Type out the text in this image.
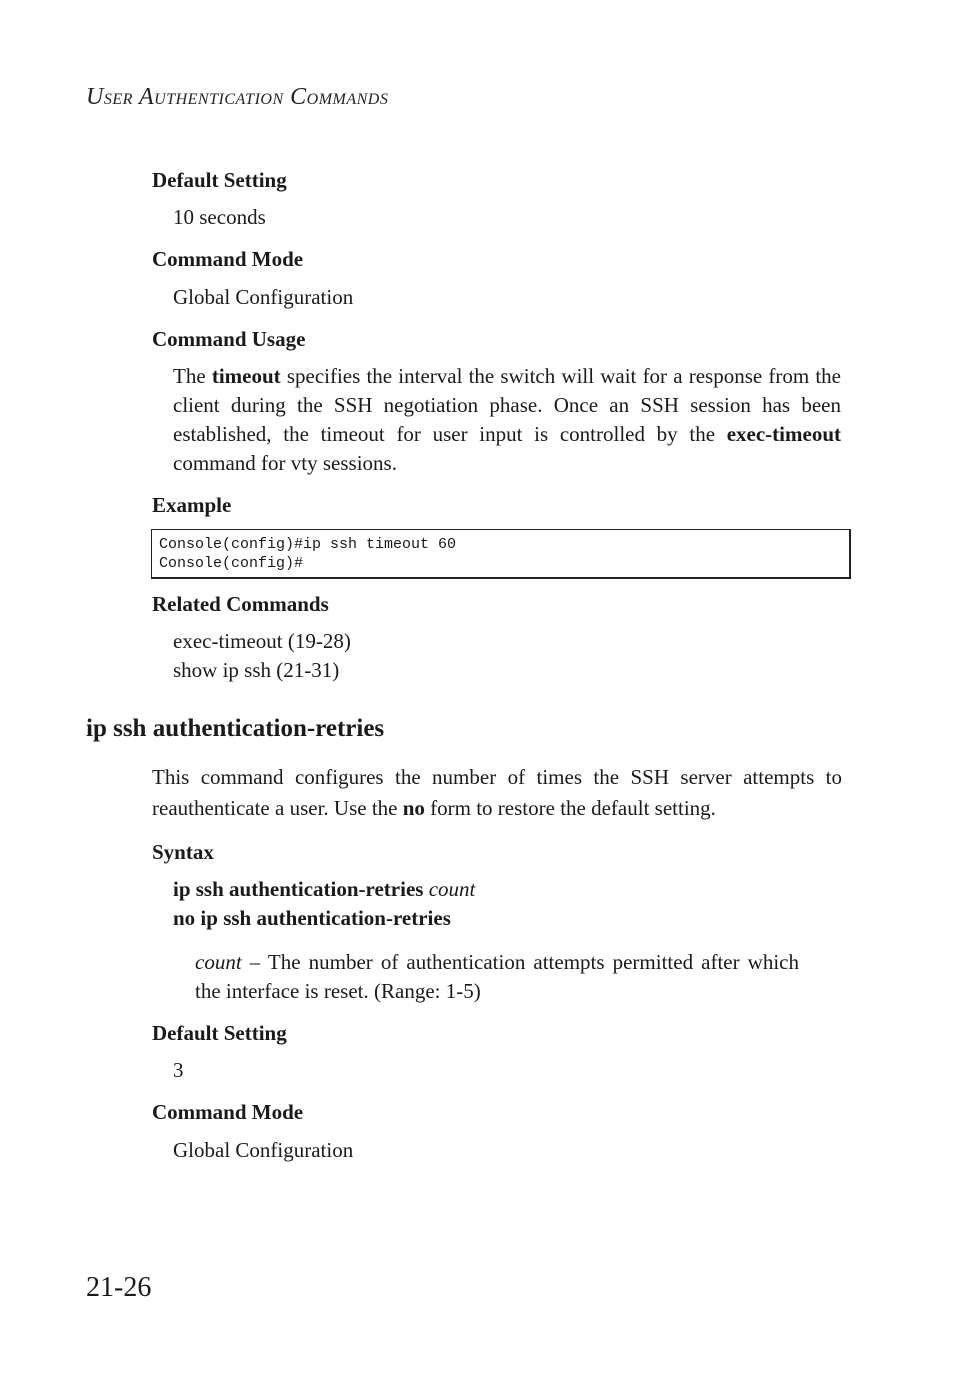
USER AUTHENTICATION COMMANDS
Default Setting
10 seconds
Command Mode
Global Configuration
Command Usage
The timeout specifies the interval the switch will wait for a response from the client during the SSH negotiation phase. Once an SSH session has been established, the timeout for user input is controlled by the exec-timeout command for vty sessions.
Example
Console(config)#ip ssh timeout 60
Console(config)#
Related Commands
exec-timeout (19-28)
show ip ssh (21-31)
ip ssh authentication-retries
This command configures the number of times the SSH server attempts to reauthenticate a user. Use the no form to restore the default setting.
Syntax
ip ssh authentication-retries count
no ip ssh authentication-retries
count – The number of authentication attempts permitted after which the interface is reset. (Range: 1-5)
Default Setting
3
Command Mode
Global Configuration
21-26
